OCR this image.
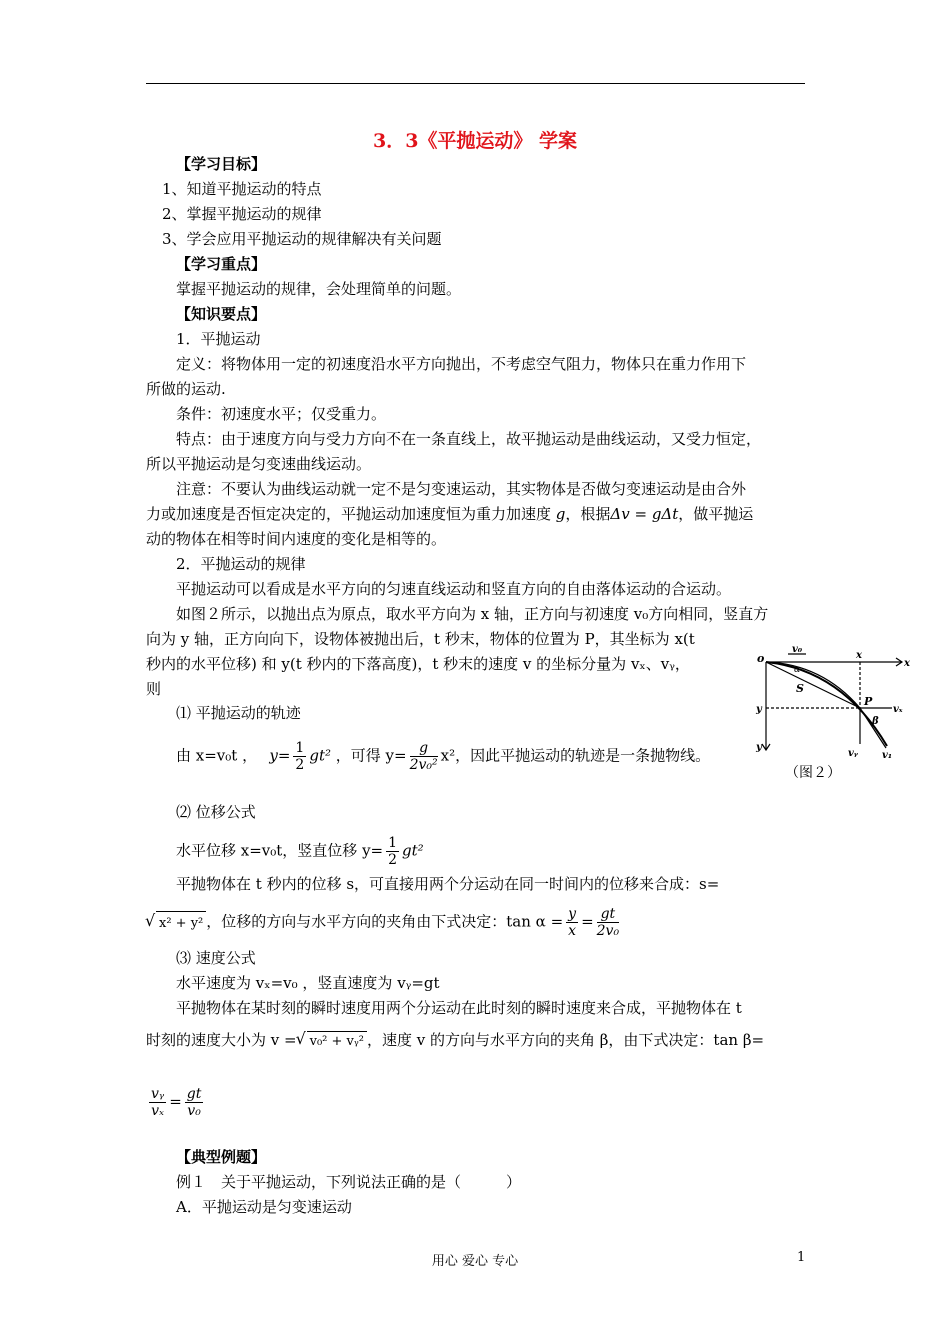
3．3《平抛运动》 学案
【学习目标】
1、知道平抛运动的特点
2、掌握平抛运动的规律
3、学会应用平抛运动的规律解决有关问题
【学习重点】
掌握平抛运动的规律，会处理简单的问题。
【知识要点】
1．平抛运动
定义：将物体用一定的初速度沿水平方向抛出，不考虑空气阻力，物体只在重力作用下
所做的运动.
条件：初速度水平；仅受重力。
特点：由于速度方向与受力方向不在一条直线上，故平抛运动是曲线运动，又受力恒定，
所以平抛运动是匀变速曲线运动。
注意：不要认为曲线运动就一定不是匀变速运动，其实物体是否做匀变速运动是由合外
力或加速度是否恒定决定的，平抛运动加速度恒为重力加速度 g，根据Δv = gΔt，做平抛运
动的物体在相等时间内速度的变化是相等的。
2．平抛运动的规律
平抛运动可以看成是水平方向的匀速直线运动和竖直方向的自由落体运动的合运动。
如图２所示，以抛出点为原点，取水平方向为 x 轴，正方向与初速度 v₀方向相同，竖直方
向为 y 轴，正方向向下，设物体被抛出后，t 秒末，物体的位置为 P，其坐标为 x(t
秒内的水平位移) 和 y(t 秒内的下落高度)，t 秒末的速度 v 的坐标分量为 vₓ、vᵧ，
则
⑴ 平抛运动的轨迹
由 x=v₀t ，　 $y= \frac{1}{2} gt^2$ ，可得 $y= \frac{g}{\text{2v₀²}} x^2$，因此平抛运动的轨迹是一条抛物线。
⑵ 位移公式
水平位移 x=v₀t，竖直位移 $y= \frac{1}{2} gt^2$
平抛物体在 t 秒内的位移 s，可直接用两个分运动在同一时间内的位移来合成：s=
√ x² + y² ，位移的方向与水平方向的夹角由下式决定：$\tan \alpha = \frac{y}{x} = \frac{gt}{\text{2v₀}}$
⑶ 速度公式
水平速度为 vₓ=v₀ ，竖直速度为 vᵧ=gt
平抛物体在某时刻的瞬时速度用两个分运动在此时刻的瞬时速度来合成，平抛物体在 t
时刻的速度大小为 v =√ v₀² + vᵧ² ，速度 v 的方向与水平方向的夹角 β，由下式决定：tan β=
$\frac{\text{vᵧ}}{\text{vₓ}} = \frac{gt}{\text{v₀}}$
【典型例题】
例１　关于平抛运动，下列说法正确的是（　　　）
A．平抛运动是匀变速运动
o
v₀
x
x
α
S
P
vₓ
y
β
y
vᵧ v₁
（图２）
用心 爱心 专心	1
